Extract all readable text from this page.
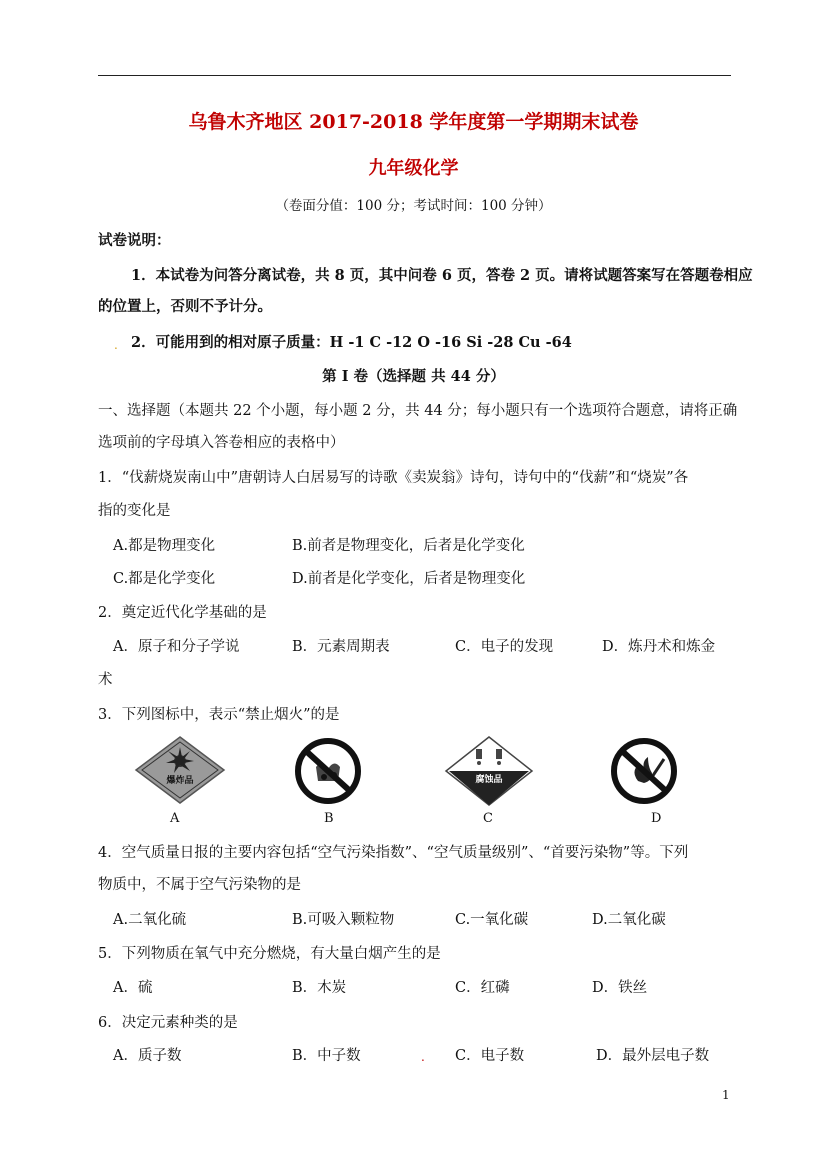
乌鲁木齐地区 2017-2018 学年度第一学期期末试卷
九年级化学
（卷面分值：100 分；考试时间：100 分钟）
试卷说明：
1．本试卷为问答分离试卷，共 8 页，其中问卷 6 页，答卷 2 页。请将试题答案写在答题卷相应
的位置上，否则不予计分。
. 2．可能用到的相对原子质量：H -1 C -12 O -16 Si -28 Cu -64
第 I 卷（选择题 共 44 分）
一、选择题（本题共 22 个小题，每小题 2 分，共 44 分；每小题只有一个选项符合题意，请将正确
选项前的字母填入答卷相应的表格中）
1．“伐薪烧炭南山中”唐朝诗人白居易写的诗歌《卖炭翁》诗句，诗句中的“伐薪”和“烧炭”各
指的变化是
A.都是物理变化	B.前者是物理变化，后者是化学变化
C.都是化学变化	D.前者是化学变化，后者是物理变化
2．奠定近代化学基础的是
A．原子和分子学说	B．元素周期表	C．电子的发现	D．炼丹术和炼金
术
3．下列图标中，表示“禁止烟火”的是
爆炸品	腐蚀品
A	B	C	D
4．空气质量日报的主要内容包括“空气污染指数”、“空气质量级别”、“首要污染物”等。下列
物质中，不属于空气污染物的是
A.二氧化硫	B.可吸入颗粒物	C.一氧化碳	D.二氧化碳
5．下列物质在氧气中充分燃烧，有大量白烟产生的是
A．硫	B．木炭	C．红磷	D．铁丝
6．决定元素种类的是
A．质子数	B．中子数	. C．电子数	D．最外层电子数
1
